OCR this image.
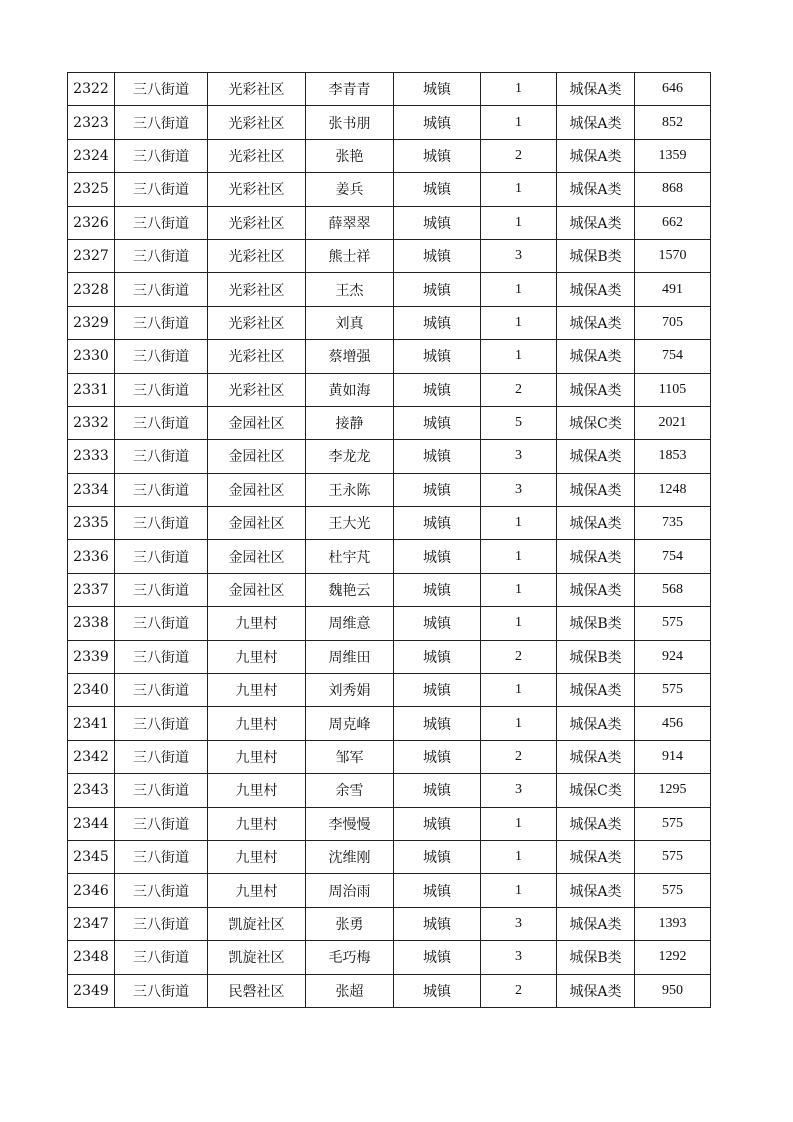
2322	三八街道	光彩社区	李青青	城镇	1	城保A类	646
2323	三八街道	光彩社区	张书朋	城镇	1	城保A类	852
2324	三八街道	光彩社区	张艳	城镇	2	城保A类	1359
2325	三八街道	光彩社区	姜兵	城镇	1	城保A类	868
2326	三八街道	光彩社区	薛翠翠	城镇	1	城保A类	662
2327	三八街道	光彩社区	熊士祥	城镇	3	城保B类	1570
2328	三八街道	光彩社区	王杰	城镇	1	城保A类	491
2329	三八街道	光彩社区	刘真	城镇	1	城保A类	705
2330	三八街道	光彩社区	蔡增强	城镇	1	城保A类	754
2331	三八街道	光彩社区	黄如海	城镇	2	城保A类	1105
2332	三八街道	金园社区	接静	城镇	5	城保C类	2021
2333	三八街道	金园社区	李龙龙	城镇	3	城保A类	1853
2334	三八街道	金园社区	王永陈	城镇	3	城保A类	1248
2335	三八街道	金园社区	王大光	城镇	1	城保A类	735
2336	三八街道	金园社区	杜宇芃	城镇	1	城保A类	754
2337	三八街道	金园社区	魏艳云	城镇	1	城保A类	568
2338	三八街道	九里村	周维意	城镇	1	城保B类	575
2339	三八街道	九里村	周维田	城镇	2	城保B类	924
2340	三八街道	九里村	刘秀娟	城镇	1	城保A类	575
2341	三八街道	九里村	周克峰	城镇	1	城保A类	456
2342	三八街道	九里村	邹军	城镇	2	城保A类	914
2343	三八街道	九里村	余雪	城镇	3	城保C类	1295
2344	三八街道	九里村	李慢慢	城镇	1	城保A类	575
2345	三八街道	九里村	沈维刚	城镇	1	城保A类	575
2346	三八街道	九里村	周治雨	城镇	1	城保A类	575
2347	三八街道	凯旋社区	张勇	城镇	3	城保A类	1393
2348	三八街道	凯旋社区	毛巧梅	城镇	3	城保B类	1292
2349	三八街道	民磬社区	张超	城镇	2	城保A类	950
